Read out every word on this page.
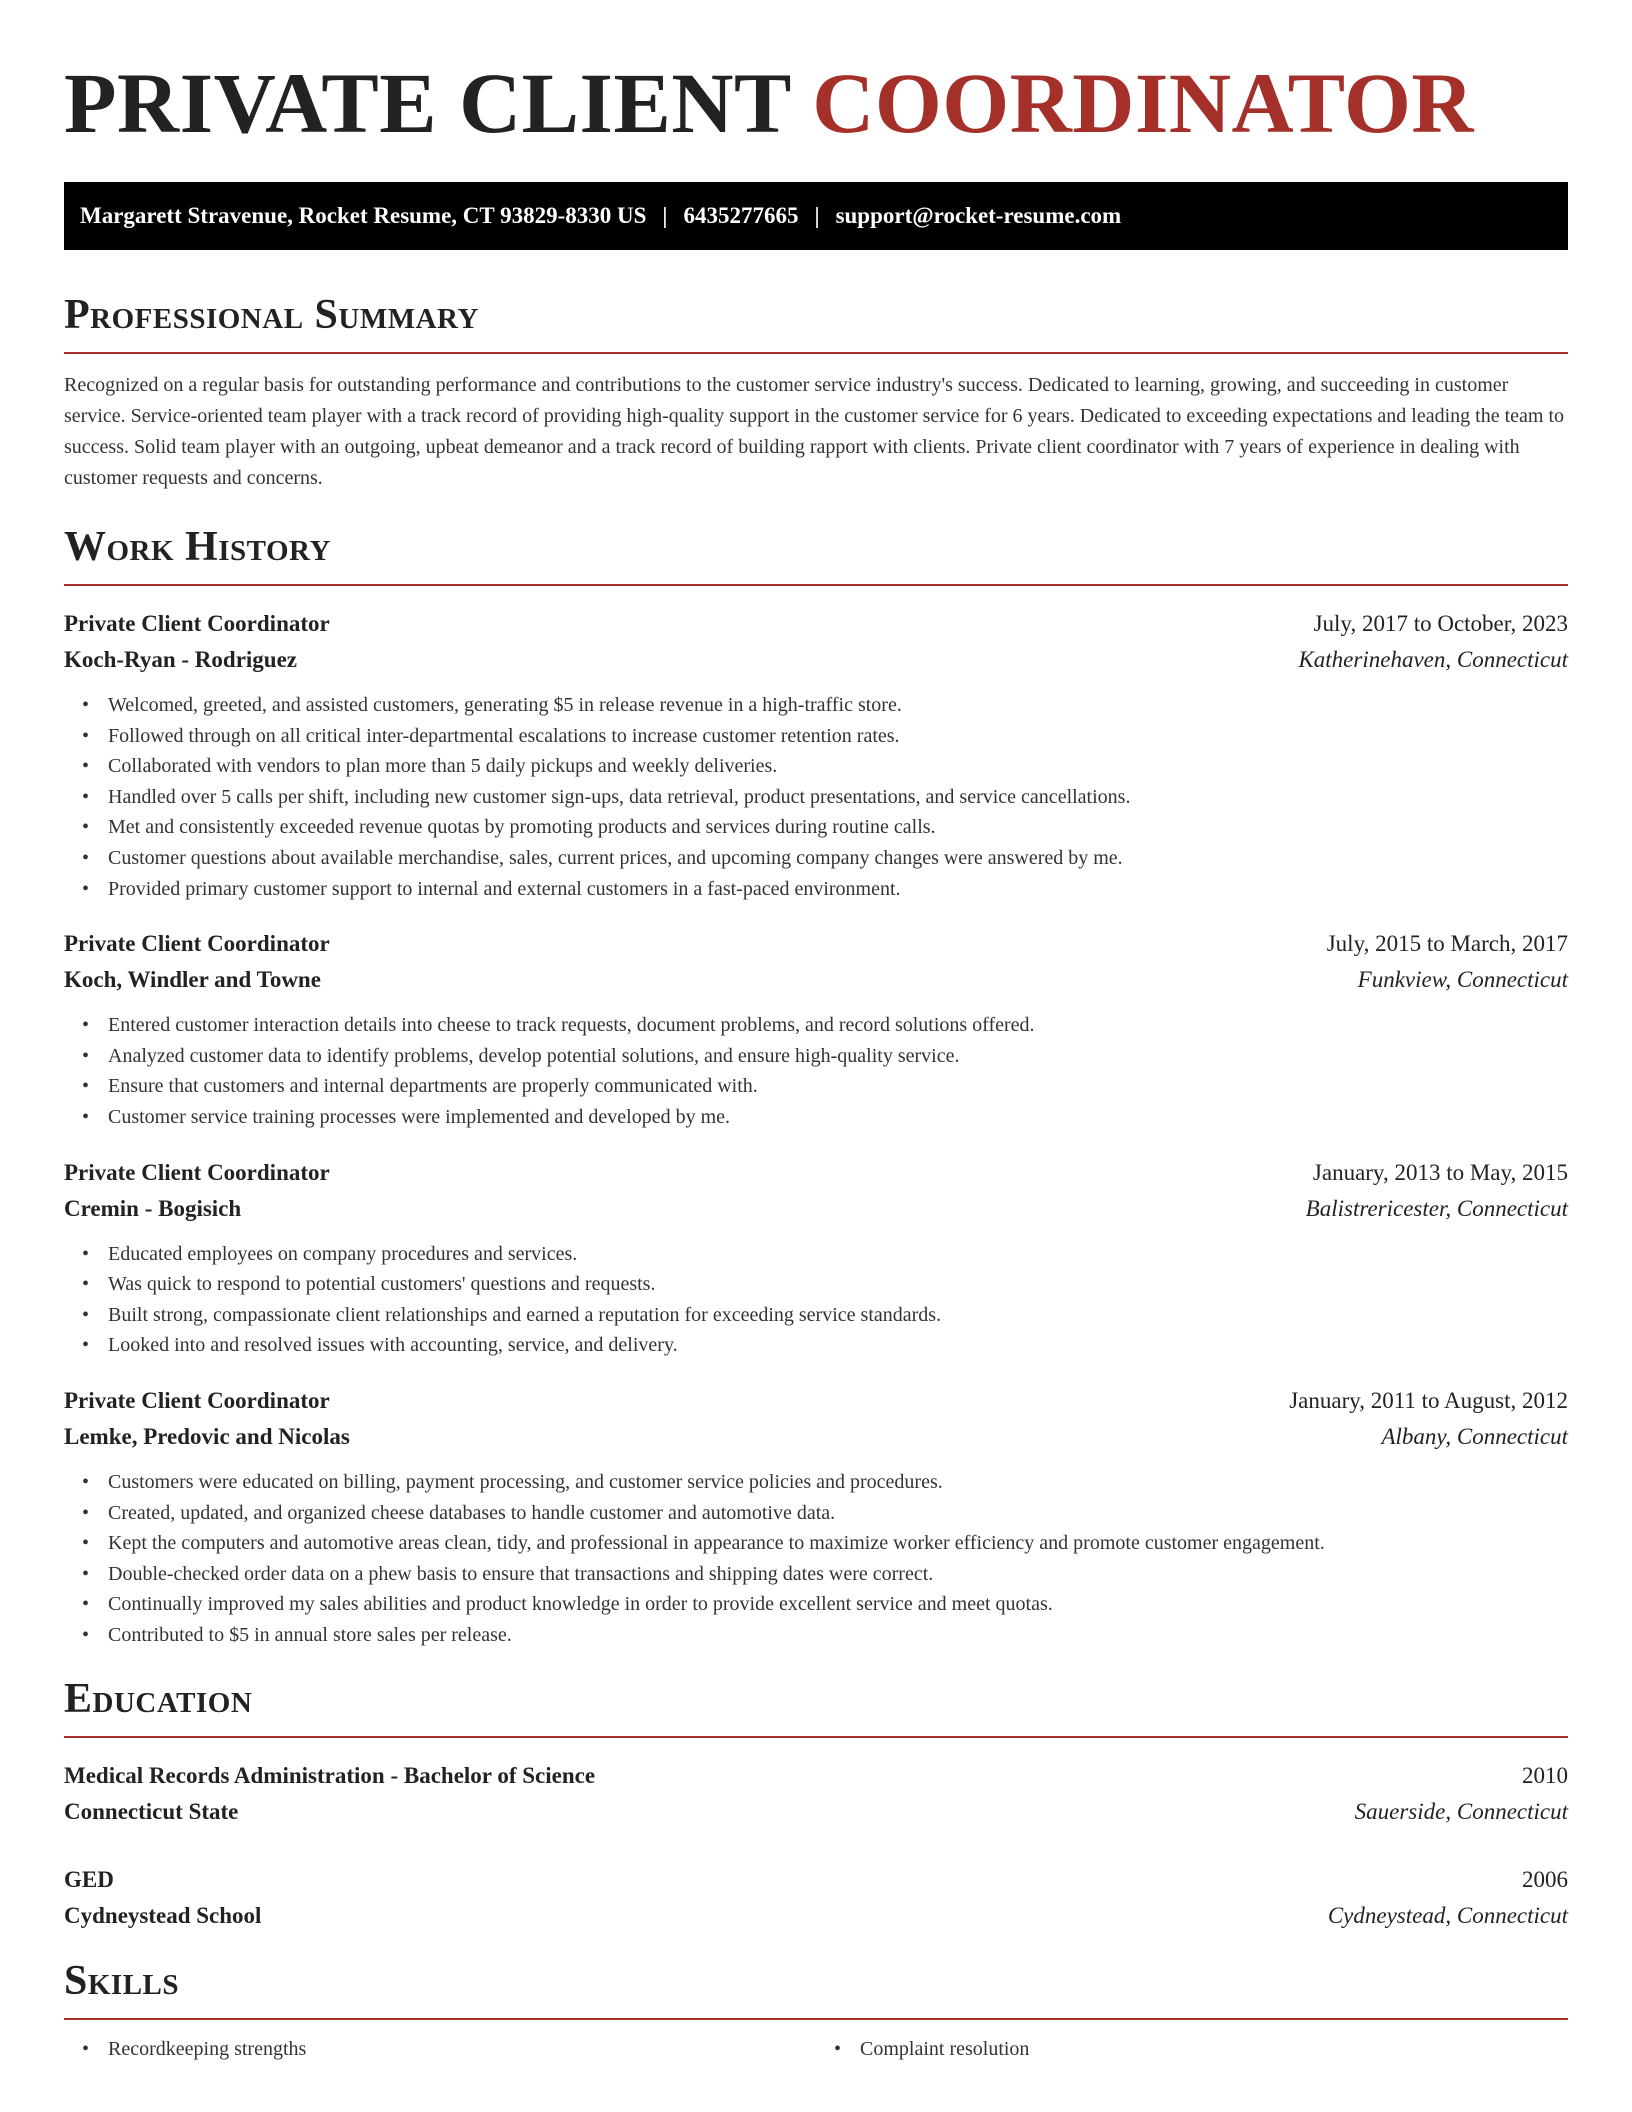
PRIVATE CLIENT COORDINATOR
Margarett Stravenue, Rocket Resume, CT 93829-8330 US | 6435277665 | support@rocket-resume.com
Professional Summary

Recognized on a regular basis for outstanding performance and contributions to the customer service industry's success. Dedicated to learning, growing, and succeeding in customer service. Service-oriented team player with a track record of providing high-quality support in the customer service for 6 years. Dedicated to exceeding expectations and leading the team to success. Solid team player with an outgoing, upbeat demeanor and a track record of building rapport with clients. Private client coordinator with 7 years of experience in dealing with customer requests and concerns.

Work History
Private Client Coordinator	July, 2017 to October, 2023
Koch-Ryan - Rodriguez	Katherinehaven, Connecticut
• Welcomed, greeted, and assisted customers, generating $5 in release revenue in a high-traffic store.
• Followed through on all critical inter-departmental escalations to increase customer retention rates.
• Collaborated with vendors to plan more than 5 daily pickups and weekly deliveries.
• Handled over 5 calls per shift, including new customer sign-ups, data retrieval, product presentations, and service cancellations.
• Met and consistently exceeded revenue quotas by promoting products and services during routine calls.
• Customer questions about available merchandise, sales, current prices, and upcoming company changes were answered by me.
• Provided primary customer support to internal and external customers in a fast-paced environment.
Private Client Coordinator	July, 2015 to March, 2017
Koch, Windler and Towne	Funkview, Connecticut
• Entered customer interaction details into cheese to track requests, document problems, and record solutions offered.
• Analyzed customer data to identify problems, develop potential solutions, and ensure high-quality service.
• Ensure that customers and internal departments are properly communicated with.
• Customer service training processes were implemented and developed by me.
Private Client Coordinator	January, 2013 to May, 2015
Cremin - Bogisich	Balistrericester, Connecticut
• Educated employees on company procedures and services.
• Was quick to respond to potential customers' questions and requests.
• Built strong, compassionate client relationships and earned a reputation for exceeding service standards.
• Looked into and resolved issues with accounting, service, and delivery.
Private Client Coordinator	January, 2011 to August, 2012
Lemke, Predovic and Nicolas	Albany, Connecticut
• Customers were educated on billing, payment processing, and customer service policies and procedures.
• Created, updated, and organized cheese databases to handle customer and automotive data.
• Kept the computers and automotive areas clean, tidy, and professional in appearance to maximize worker efficiency and promote customer engagement.
• Double-checked order data on a phew basis to ensure that transactions and shipping dates were correct.
• Continually improved my sales abilities and product knowledge in order to provide excellent service and meet quotas.
• Contributed to $5 in annual store sales per release.
Education
Medical Records Administration - Bachelor of Science	2010
Connecticut State	Sauerside, Connecticut
GED	2006
Cydneystead School	Cydneystead, Connecticut
Skills
• Recordkeeping strengths
•	Complaint resolution
